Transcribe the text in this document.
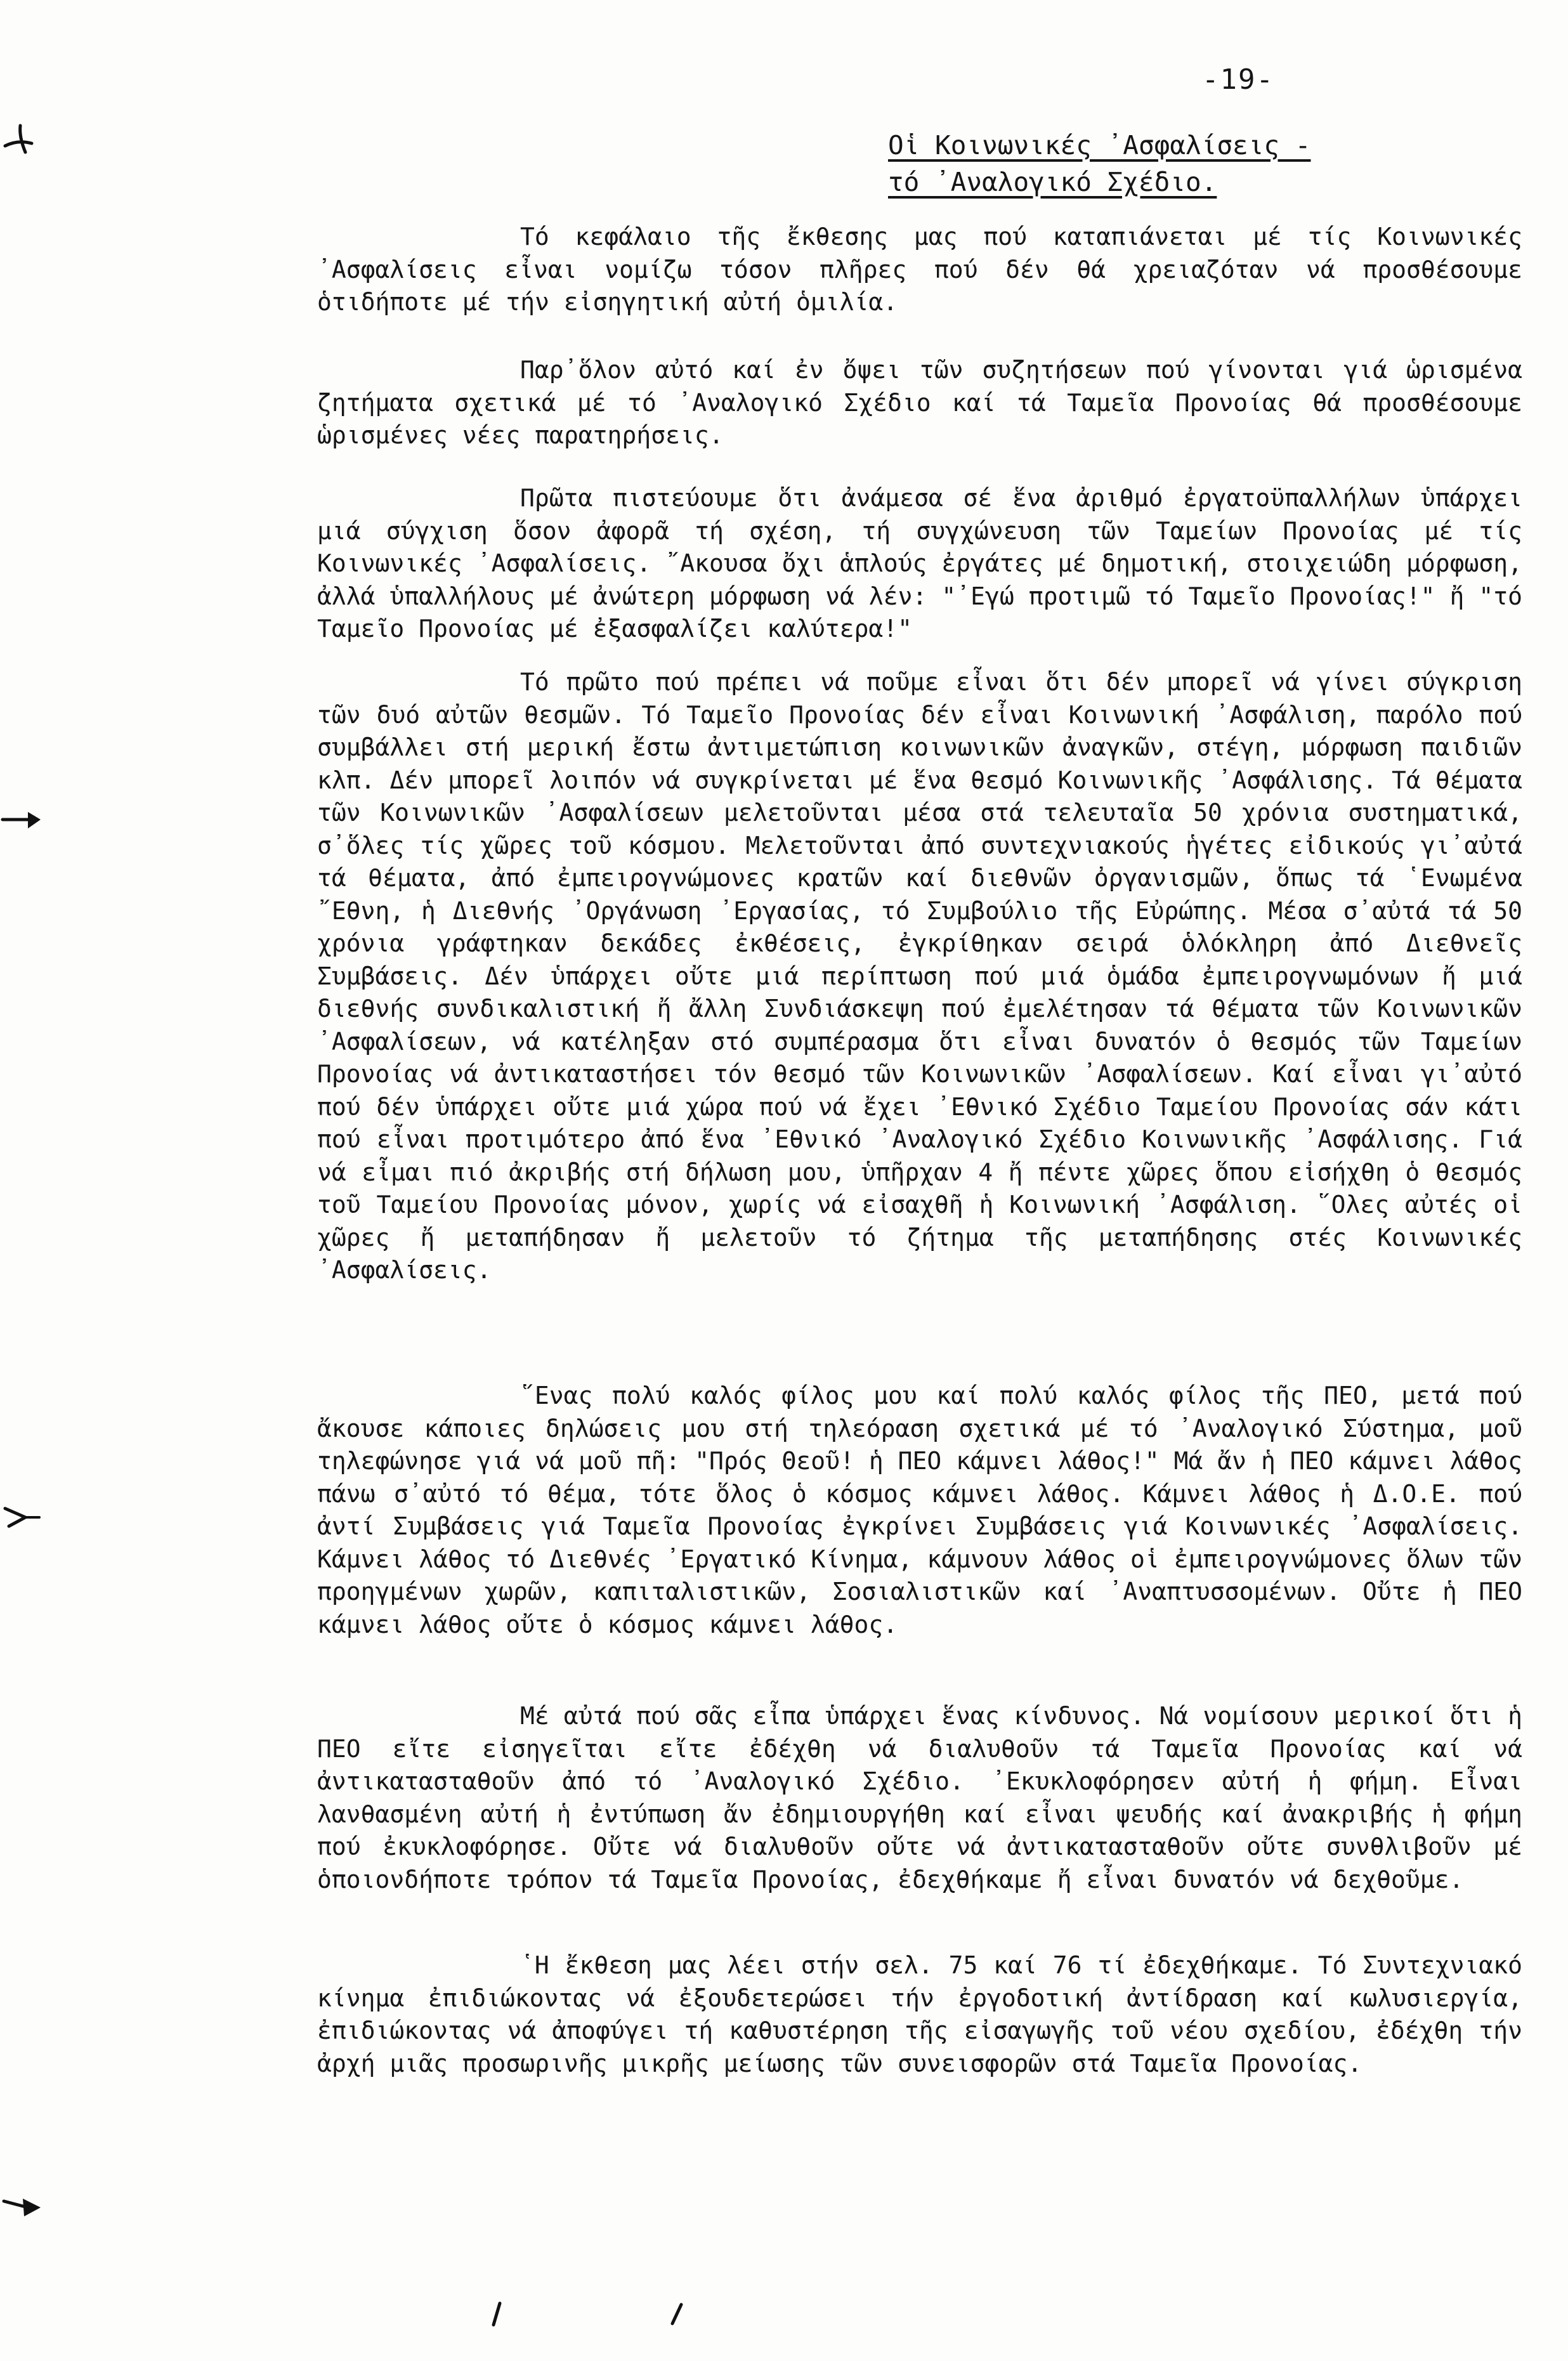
-19-
Οἱ Κοινωνικές ᾿Ασφαλίσεις -
τό ᾿Αναλογικό Σχέδιο.

Τό κεφάλαιο τῆς ἔκθεσης μας πού καταπιάνεται μέ τίς Κοινωνικές ᾿Ασφαλίσεις εἶναι νομίζω τόσον πλῆρες πού δέν θά χρειαζόταν νά προσθέσουμε ὁτιδήποτε μέ τήν εἰσηγητική αὐτή ὁμιλία.

Παρ᾿ὅλον αὐτό καί ἐν ὄψει τῶν συζητήσεων πού γίνονται γιά ὡρισμένα ζητήματα σχετικά μέ τό ᾿Αναλογικό Σχέδιο καί τά Ταμεῖα Προνοίας θά προσθέσουμε ὡρισμένες νέες παρατηρήσεις.

Πρῶτα πιστεύουμε ὅτι ἀνάμεσα σέ ἕνα ἀριθμό ἐργατοϋπαλλήλων ὑπάρχει μιά σύγχιση ὅσον ἀφορᾶ τή σχέση, τή συγχώνευση τῶν Ταμείων Προνοίας μέ τίς Κοινωνικές ᾿Ασφαλίσεις. ῎Ακουσα ὄχι ἁπλούς ἐργάτες μέ δημοτική, στοιχειώδη μόρφωση, ἀλλά ὑπαλλήλους μέ ἀνώτερη μόρφωση νά λέν: "᾿Εγώ προτιμῶ τό Ταμεῖο Προνοίας!" ἤ "τό Ταμεῖο Προνοίας μέ ἐξασφαλίζει καλύτερα!"

Τό πρῶτο πού πρέπει νά ποῦμε εἶναι ὅτι δέν μπορεῖ νά γίνει σύγκριση τῶν δυό αὐτῶν θεσμῶν. Τό Ταμεῖο Προνοίας δέν εἶναι Κοινωνική ᾿Ασφάλιση, παρόλο πού συμβάλλει στή μερική ἔστω ἀντιμετώπιση κοινωνικῶν ἀναγκῶν, στέγη, μόρφωση παιδιῶν κλπ. Δέν μπορεῖ λοιπόν νά συγκρίνεται μέ ἕνα θεσμό Κοινωνικῆς ᾿Ασφάλισης. Τά θέματα τῶν Κοινωνικῶν ᾿Ασφαλίσεων μελετοῦνται μέσα στά τελευταῖα 50 χρόνια συστηματικά, σ᾿ὅλες τίς χῶρες τοῦ κόσμου. Μελετοῦνται ἀπό συντεχνιακούς ἡγέτες εἰδικούς γι᾿αὐτά τά θέματα, ἀπό ἐμπειρογνώμονες κρατῶν καί διεθνῶν ὀργανισμῶν, ὅπως τά ῾Ενωμένα ῎Εθνη, ἡ Διεθνής ᾿Οργάνωση ᾿Εργασίας, τό Συμβούλιο τῆς Εὐρώπης. Μέσα σ᾿αὐτά τά 50 χρόνια γράφτηκαν δεκάδες ἐκθέσεις, ἐγκρίθηκαν σειρά ὁλόκληρη ἀπό Διεθνεῖς Συμβάσεις. Δέν ὑπάρχει οὔτε μιά περίπτωση πού μιά ὁμάδα ἐμπειρογνωμόνων ἤ μιά διεθνής συνδικαλιστική ἤ ἄλλη Συνδιάσκεψη πού ἐμελέτησαν τά θέματα τῶν Κοινωνικῶν ᾿Ασφαλίσεων, νά κατέληξαν στό συμπέρασμα ὅτι εἶναι δυνατόν ὁ θεσμός τῶν Ταμείων Προνοίας νά ἀντικαταστήσει τόν θεσμό τῶν Κοινωνικῶν ᾿Ασφαλίσεων. Καί εἶναι γι᾿αὐτό πού δέν ὑπάρχει οὔτε μιά χώρα πού νά ἔχει ᾿Εθνικό Σχέδιο Ταμείου Προνοίας σάν κάτι πού εἶναι προτιμότερο ἀπό ἕνα ᾿Εθνικό ᾿Αναλογικό Σχέδιο Κοινωνικῆς ᾿Ασφάλισης. Γιά νά εἶμαι πιό ἀκριβής στή δήλωση μου, ὑπῆρχαν 4 ἤ πέντε χῶρες ὅπου εἰσήχθη ὁ θεσμός τοῦ Ταμείου Προνοίας μόνον, χωρίς νά εἰσαχθῆ ἡ Κοινωνική ᾿Ασφάλιση. ῞Ολες αὐτές οἱ χῶρες ἤ μεταπήδησαν ἤ μελετοῦν τό ζήτημα τῆς μεταπήδησης στές Κοινωνικές ᾿Ασφαλίσεις.

῞Ενας πολύ καλός φίλος μου καί πολύ καλός φίλος τῆς ΠΕΟ, μετά πού ἄκουσε κάποιες δηλώσεις μου στή τηλεόραση σχετικά μέ τό ᾿Αναλογικό Σύστημα, μοῦ τηλεφώνησε γιά νά μοῦ πῆ: "Πρός Θεοῦ! ἡ ΠΕΟ κάμνει λάθος!" Μά ἄν ἡ ΠΕΟ κάμνει λάθος πάνω σ᾿αὐτό τό θέμα, τότε ὅλος ὁ κόσμος κάμνει λάθος. Κάμνει λάθος ἡ Δ.Ο.Ε. πού ἀντί Συμβάσεις γιά Ταμεῖα Προνοίας ἐγκρίνει Συμβάσεις γιά Κοινωνικές ᾿Ασφαλίσεις. Κάμνει λάθος τό Διεθνές ᾿Εργατικό Κίνημα, κάμνουν λάθος οἱ ἐμπειρογνώμονες ὅλων τῶν προηγμένων χωρῶν, καπιταλιστικῶν, Σοσιαλιστικῶν καί ᾿Αναπτυσσομένων. Οὔτε ἡ ΠΕΟ κάμνει λάθος οὔτε ὁ κόσμος κάμνει λάθος.

Μέ αὐτά πού σᾶς εἶπα ὑπάρχει ἕνας κίνδυνος. Νά νομίσουν μερικοί ὅτι ἡ ΠΕΟ εἴτε εἰσηγεῖται εἴτε ἐδέχθη νά διαλυθοῦν τά Ταμεῖα Προνοίας καί νά ἀντικατασταθοῦν ἀπό τό ᾿Αναλογικό Σχέδιο. ᾿Εκυκλοφόρησεν αὐτή ἡ φήμη. Εἶναι λανθασμένη αὐτή ἡ ἐντύπωση ἄν ἐδημιουργήθη καί εἶναι ψευδής καί ἀνακριβής ἡ φήμη πού ἐκυκλοφόρησε. Οὔτε νά διαλυθοῦν οὔτε νά ἀντικατασταθοῦν οὔτε συνθλιβοῦν μέ ὁποιονδήποτε τρόπον τά Ταμεῖα Προνοίας, ἐδεχθήκαμε ἤ εἶναι δυνατόν νά δεχθοῦμε.

῾Η ἔκθεση μας λέει στήν σελ. 75 καί 76 τί ἐδεχθήκαμε. Τό Συντεχνιακό κίνημα ἐπιδιώκοντας νά ἐξουδετερώσει τήν ἐργοδοτική ἀντίδραση καί κωλυσιεργία, ἐπιδιώκοντας νά ἀποφύγει τή καθυστέρηση τῆς εἰσαγωγῆς τοῦ νέου σχεδίου, ἐδέχθη τήν ἀρχή μιᾶς προσωρινῆς μικρῆς μείωσης τῶν συνεισφορῶν στά Ταμεῖα Προνοίας.
